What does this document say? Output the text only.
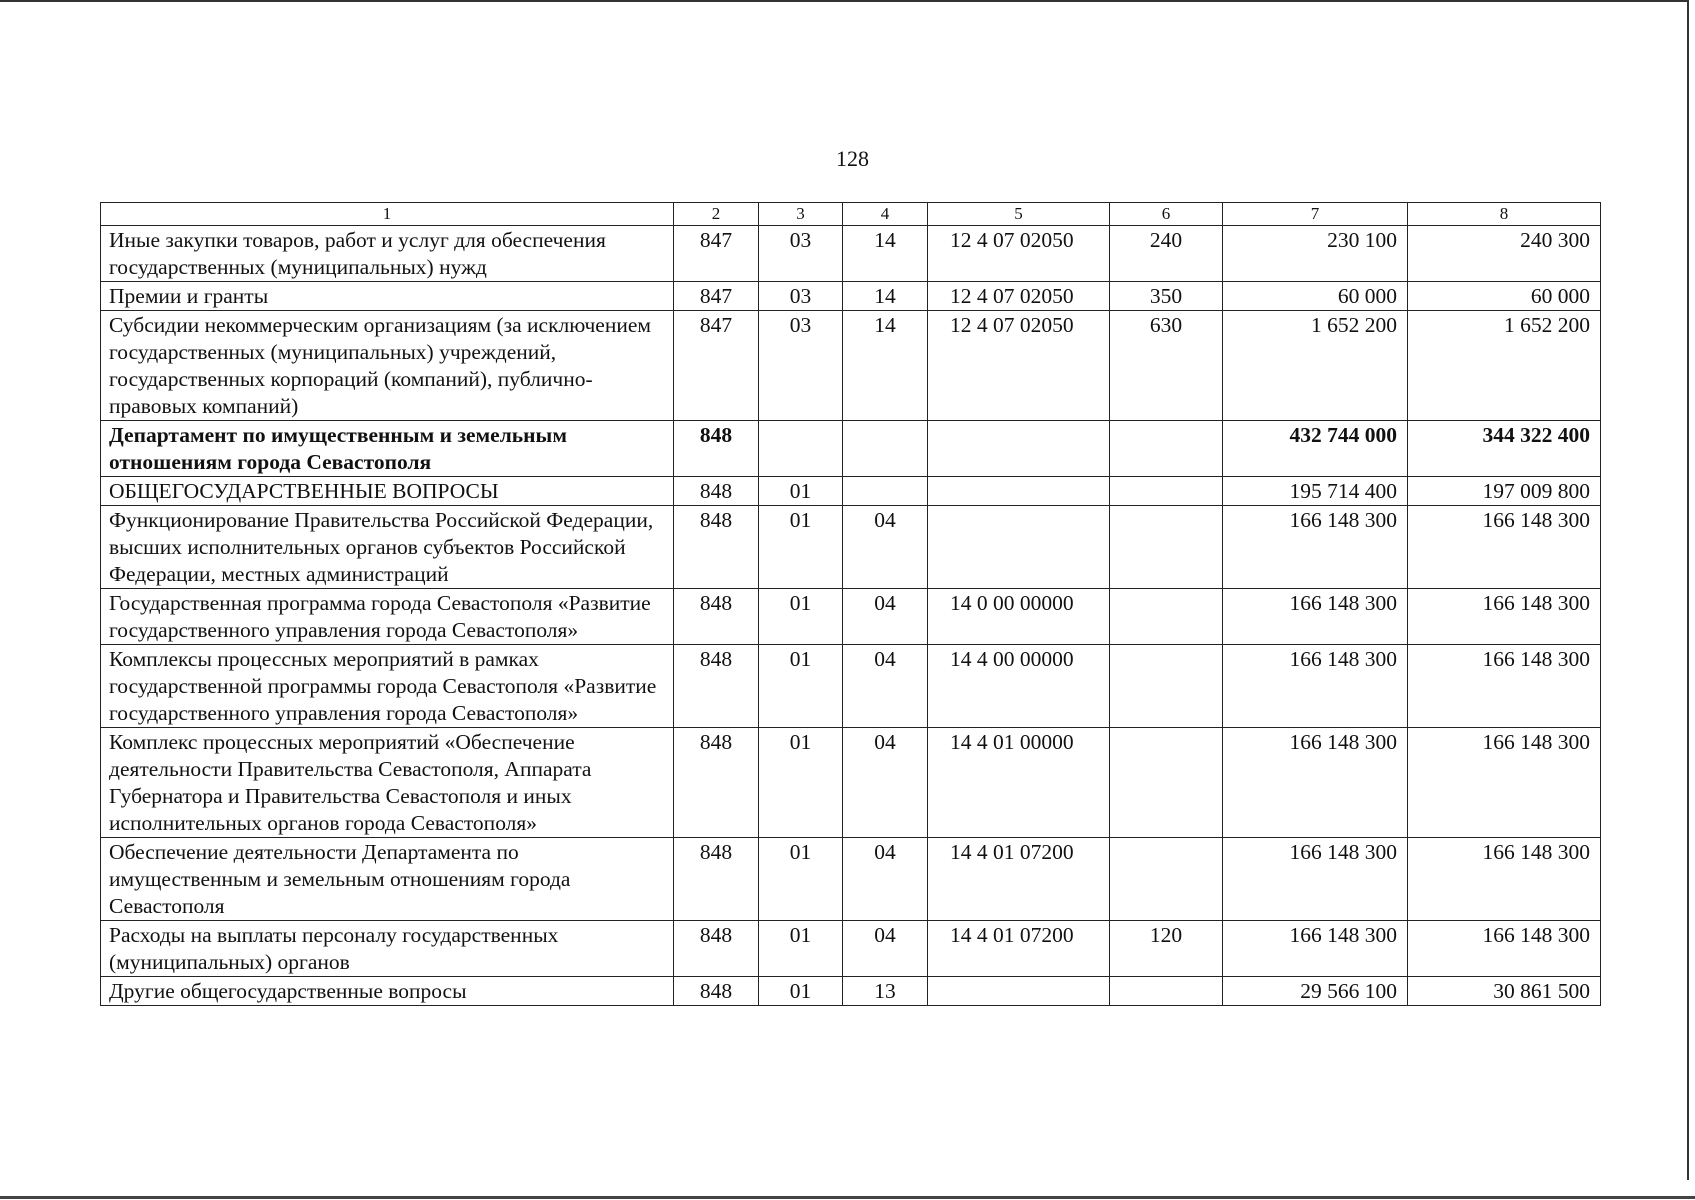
128
1	2	3	4	5	6	7	8
Иные закупки товаров, работ и услуг для обеспечения государственных (муниципальных) нужд	847	03	14	12 4 07 02050	240	230 100	240 300
Премии и гранты	847	03	14	12 4 07 02050	350	60 000	60 000
Субсидии некоммерческим организациям (за исключением государственных (муниципальных) учреждений, государственных корпораций (компаний), публично-правовых компаний)	847	03	14	12 4 07 02050	630	1 652 200	1 652 200
Департамент по имущественным и земельным отношениям города Севастополя	848					432 744 000	344 322 400
ОБЩЕГОСУДАРСТВЕННЫЕ ВОПРОСЫ	848	01				195 714 400	197 009 800
Функционирование Правительства Российской Федерации, высших исполнительных органов субъектов Российской Федерации, местных администраций	848	01	04			166 148 300	166 148 300
Государственная программа города Севастополя «Развитие государственного управления города Севастополя»	848	01	04	14 0 00 00000		166 148 300	166 148 300
Комплексы процессных мероприятий в рамках государственной программы города Севастополя «Развитие государственного управления города Севастополя»	848	01	04	14 4 00 00000		166 148 300	166 148 300
Комплекс процессных мероприятий «Обеспечение деятельности Правительства Севастополя, Аппарата Губернатора и Правительства Севастополя и иных исполнительных органов города Севастополя»	848	01	04	14 4 01 00000		166 148 300	166 148 300
Обеспечение деятельности Департамента по имущественным и земельным отношениям города Севастополя	848	01	04	14 4 01 07200		166 148 300	166 148 300
Расходы на выплаты персоналу государственных (муниципальных) органов	848	01	04	14 4 01 07200	120	166 148 300	166 148 300
Другие общегосударственные вопросы	848	01	13			29 566 100	30 861 500
